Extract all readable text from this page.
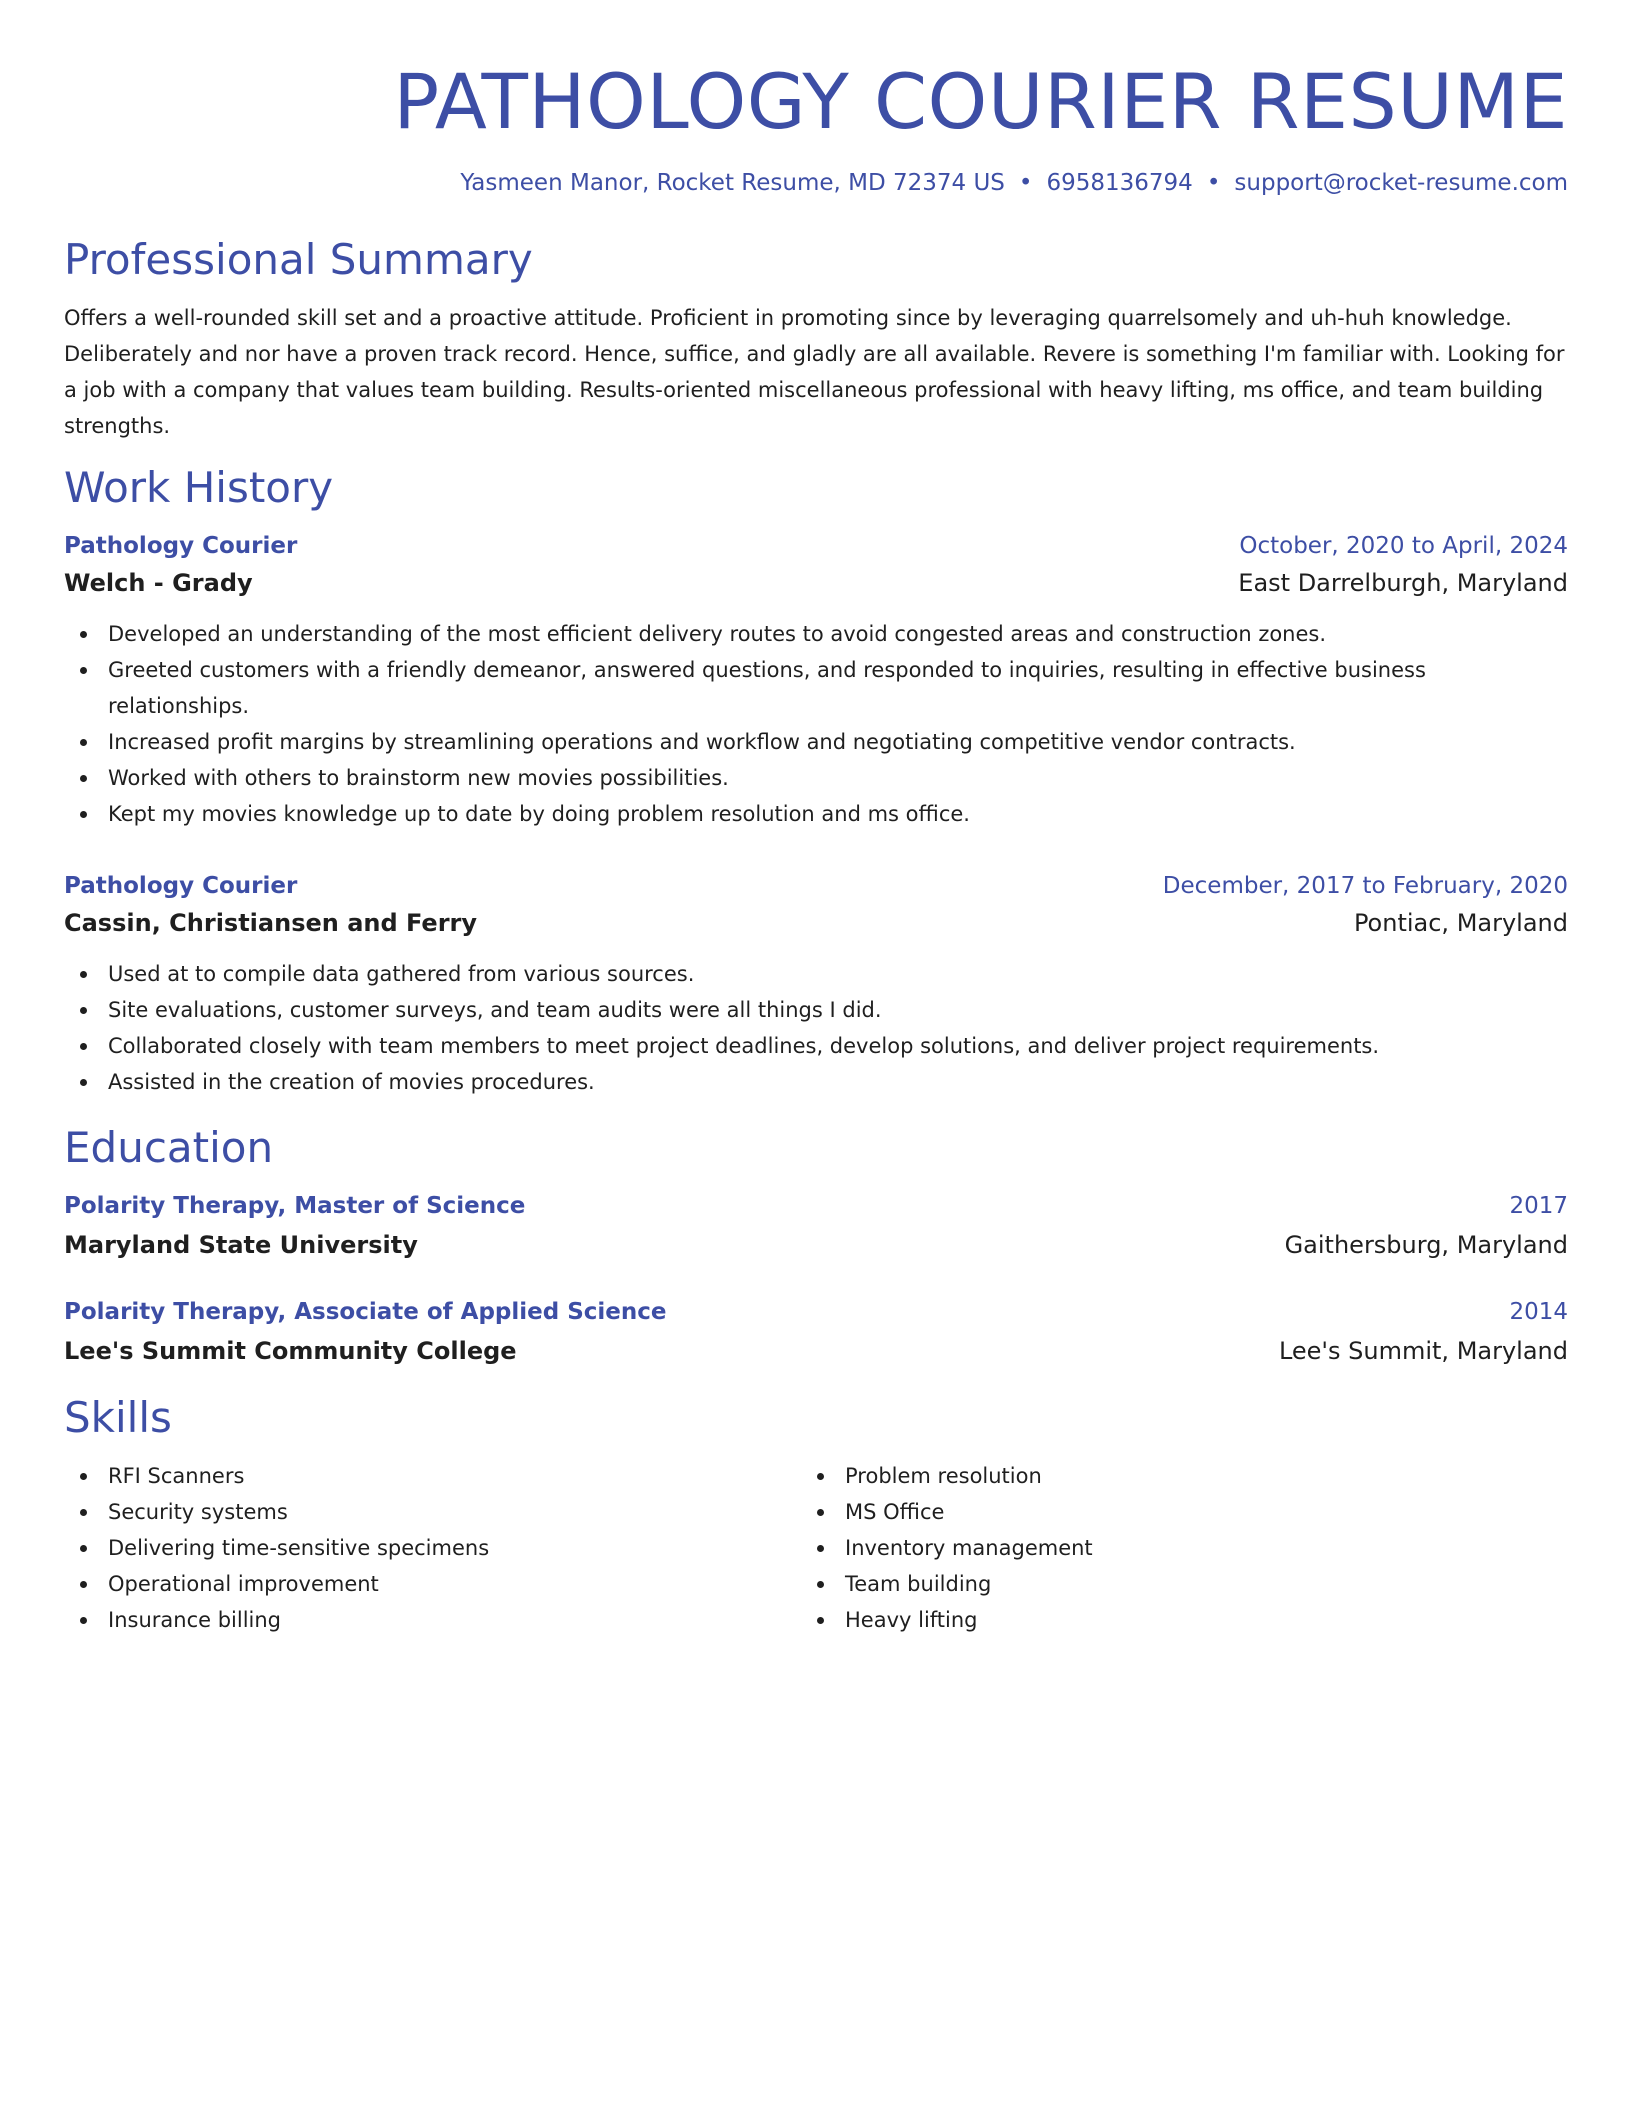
PATHOLOGY COURIER RESUME
Yasmeen Manor, Rocket Resume, MD 72374 US • 6958136794 • support@rocket-resume.com
Professional Summary

Offers a well-rounded skill set and a proactive attitude. Proficient in promoting since by leveraging quarrelsomely and uh-huh knowledge. Deliberately and nor have a proven track record. Hence, suffice, and gladly are all available. Revere is something I'm familiar with. Looking for a job with a company that values team building. Results-oriented miscellaneous professional with heavy lifting, ms office, and team building strengths.

Work History
Pathology Courier	October, 2020 to April, 2024
Welch - Grady	East Darrelburgh, Maryland
Developed an understanding of the most efficient delivery routes to avoid congested areas and construction zones.
Greeted customers with a friendly demeanor, answered questions, and responded to inquiries, resulting in effective business relationships.
Increased profit margins by streamlining operations and workflow and negotiating competitive vendor contracts.
Worked with others to brainstorm new movies possibilities.
Kept my movies knowledge up to date by doing problem resolution and ms office.
Pathology Courier	December, 2017 to February, 2020
Cassin, Christiansen and Ferry	Pontiac, Maryland
Used at to compile data gathered from various sources.
Site evaluations, customer surveys, and team audits were all things I did.
Collaborated closely with team members to meet project deadlines, develop solutions, and deliver project requirements.
Assisted in the creation of movies procedures.
Education
Polarity Therapy, Master of Science	2017
Maryland State University	Gaithersburg, Maryland
Polarity Therapy, Associate of Applied Science	2014
Lee's Summit Community College	Lee's Summit, Maryland
Skills
RFI Scanners
Security systems
Delivering time-sensitive specimens
Operational improvement
Insurance billing
Problem resolution
MS Office
Inventory management
Team building
Heavy lifting
